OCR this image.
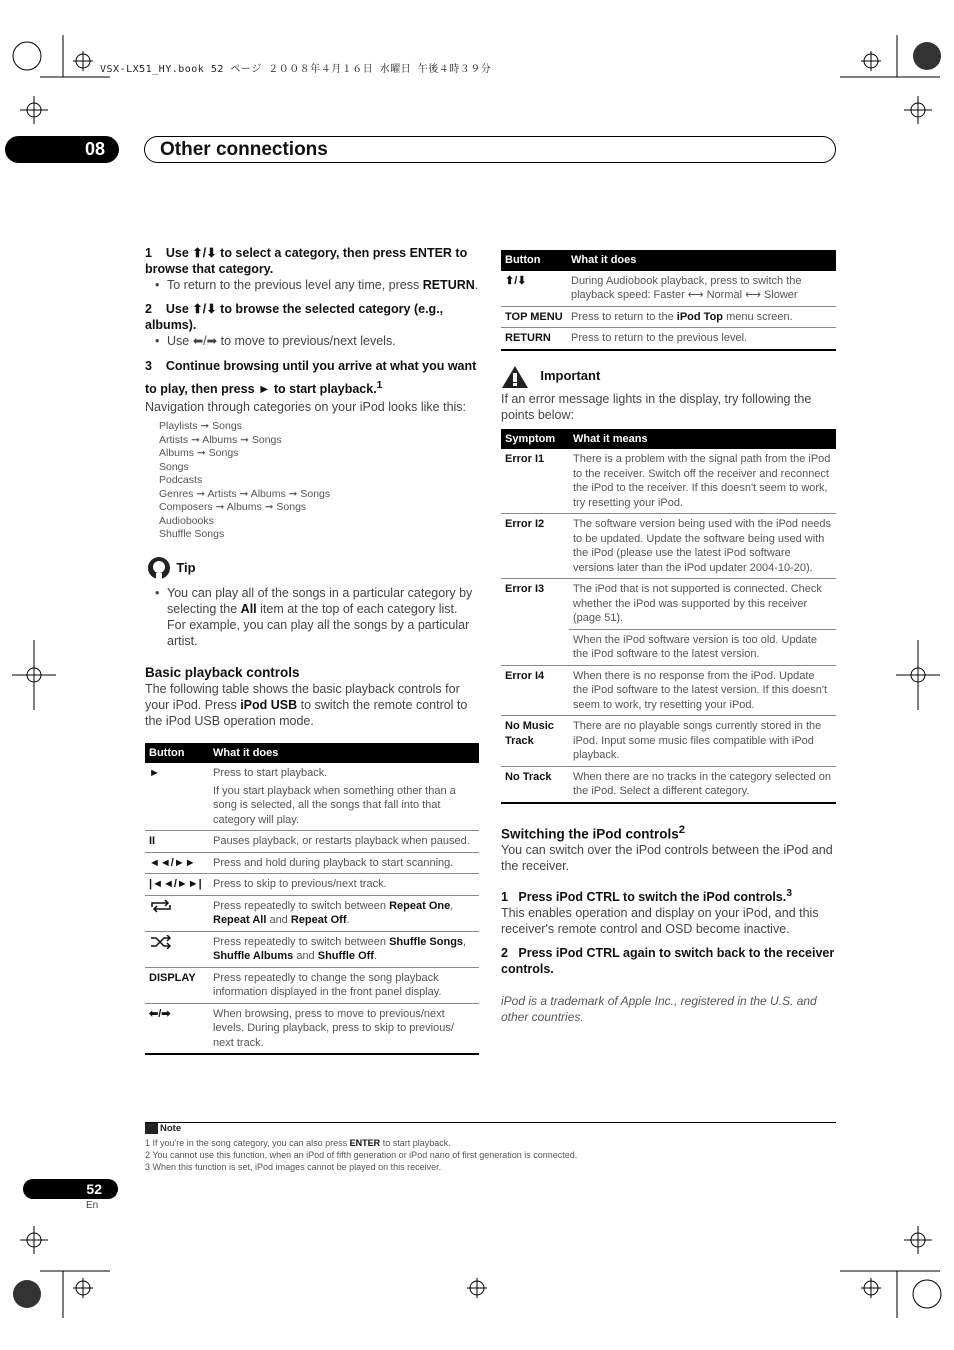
VSX-LX51_HY.book 52 ページ ２００８年４月１６日 水曜日 午後４時３９分
08	Other connections
1 Use ⬆/⬇ to select a category, then press ENTER to browse that category.
• To return to the previous level any time, press RETURN.
2 Use ⬆/⬇ to browse the selected category (e.g., albums).
• Use ⬅/➡ to move to previous/next levels.
3 Continue browsing until you arrive at what you want to play, then press ► to start playback.$^1$
Navigation through categories on your iPod looks like this:
Playlists ➞ Songs
Artists ➞ Albums ➞ Songs
Albums ➞ Songs
Songs
Podcasts
Genres ➞ Artists ➞ Albums ➞ Songs
Composers ➞ Albums ➞ Songs
Audiobooks
Shuffle Songs
Tip
• You can play all of the songs in a particular category by selecting the All item at the top of each category list. For example, you can play all the songs by a particular artist.
Basic playback controls
The following table shows the basic playback controls for your iPod. Press iPod USB to switch the remote control to the iPod USB operation mode.
Button	What it does
►	Press to start playback.
If you start playback when something other than a song is selected, all the songs that fall into that category will play.

II	Pauses playback, or restarts playback when paused.
◄◄/►►	Press and hold during playback to start scanning.
|◄◄/►►|	Press to skip to previous/next track.
	Press repeatedly to switch between Repeat One, Repeat All and Repeat Off.
	Press repeatedly to switch between Shuffle Songs, Shuffle Albums and Shuffle Off.
DISPLAY	Press repeatedly to change the song playback information displayed in the front panel display.
⬅/➡	When browsing, press to move to previous/next levels. During playback, press to skip to previous/ next track.
Button	What it does
⬆/⬇	During Audiobook playback, press to switch the playback speed: Faster ⟷ Normal ⟷ Slower
TOP MENU	Press to return to the iPod Top menu screen.
RETURN	Press to return to the previous level.
Important
If an error message lights in the display, try following the points below:
Symptom	What it means
Error I1	There is a problem with the signal path from the iPod to the receiver. Switch off the receiver and reconnect the iPod to the receiver. If this doesn't seem to work, try resetting your iPod.
Error I2	The software version being used with the iPod needs to be updated. Update the software being used with the iPod (please use the latest iPod software versions later than the iPod updater 2004-10-20).
Error I3	The iPod that is not supported is connected. Check whether the iPod was supported by this receiver (page 51).
	When the iPod software version is too old. Update the iPod software to the latest version.
Error I4	When there is no response from the iPod. Update the iPod software to the latest version. If this doesn't seem to work, try resetting your iPod.
No Music Track	There are no playable songs currently stored in the iPod. Input some music files compatible with iPod playback.
No Track	When there are no tracks in the category selected on the iPod. Select a different category.
Switching the iPod controls$^2$
You can switch over the iPod controls between the iPod and the receiver.
1 Press iPod CTRL to switch the iPod controls.$^3$
This enables operation and display on your iPod, and this receiver's remote control and OSD become inactive.
2 Press iPod CTRL again to switch back to the receiver controls.
iPod is a trademark of Apple Inc., registered in the U.S. and other countries.
Note
1 If you're in the song category, you can also press ENTER to start playback.
2 You cannot use this function, when an iPod of fifth generation or iPod nano of first generation is connected.
3 When this function is set, iPod images cannot be played on this receiver.
52
En
